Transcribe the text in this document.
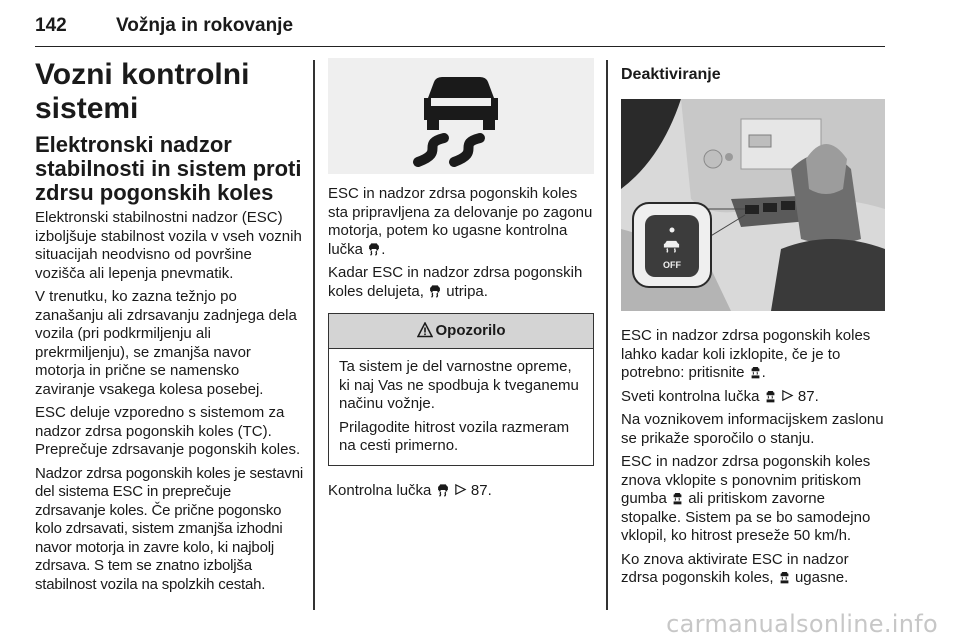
142	Vožnja in rokovanje
Vozni kontrolni sistemi
Elektronski nadzor stabilnosti in sistem proti zdrsu pogonskih koles

Elektronski stabilnostni nadzor (ESC) izboljšuje stabilnost vozila v vseh voznih situacijah neodvisno od površine vozišča ali lepenja pnevmatik.

V trenutku, ko zazna težnjo po zanašanju ali zdrsavanju zadnjega dela vozila (pri podkrmiljenju ali prekrmiljenju), se zmanjša navor motorja in prične se namensko zaviranje vsakega kolesa posebej.

ESC deluje vzporedno s sistemom za nadzor zdrsa pogonskih koles (TC). Preprečuje zdrsavanje pogonskih koles.

Nadzor zdrsa pogonskih koles je sestavni del sistema ESC in preprečuje zdrsavanje koles. Če prične pogonsko kolo zdrsavati, sistem zmanjša izhodni navor motorja in zavre kolo, ki najbolj zdrsava. S tem se znatno izboljša stabilnost vozila na spolzkih cestah.

ESC in nadzor zdrsa pogonskih koles sta pripravljena za delovanje po zagonu motorja, potem ko ugasne kontrolna lučka .

Kadar ESC in nadzor zdrsa pogonskih koles delujeta, utripa.

Opozorilo

Ta sistem je del varnostne opreme, ki naj Vas ne spodbuja k tveganemu načinu vožnje.

Prilagodite hitrost vozila razmeram na cesti primerno.

Kontrolna lučka	87.

Deaktiviranje
OFF

ESC in nadzor zdrsa pogonskih koles lahko kadar koli izklopite, če je to potrebno: pritisnite .

Sveti kontrolna lučka	87.

Na voznikovem informacijskem zaslonu se prikaže sporočilo o stanju.

ESC in nadzor zdrsa pogonskih koles znova vklopite s ponovnim pritiskom gumba ali pritiskom zavorne stopalke. Sistem pa se bo samodejno vklopil, ko hitrost preseže 50 km/h.

Ko znova aktivirate ESC in nadzor zdrsa pogonskih koles, ugasne.

carmanualsonline.info
